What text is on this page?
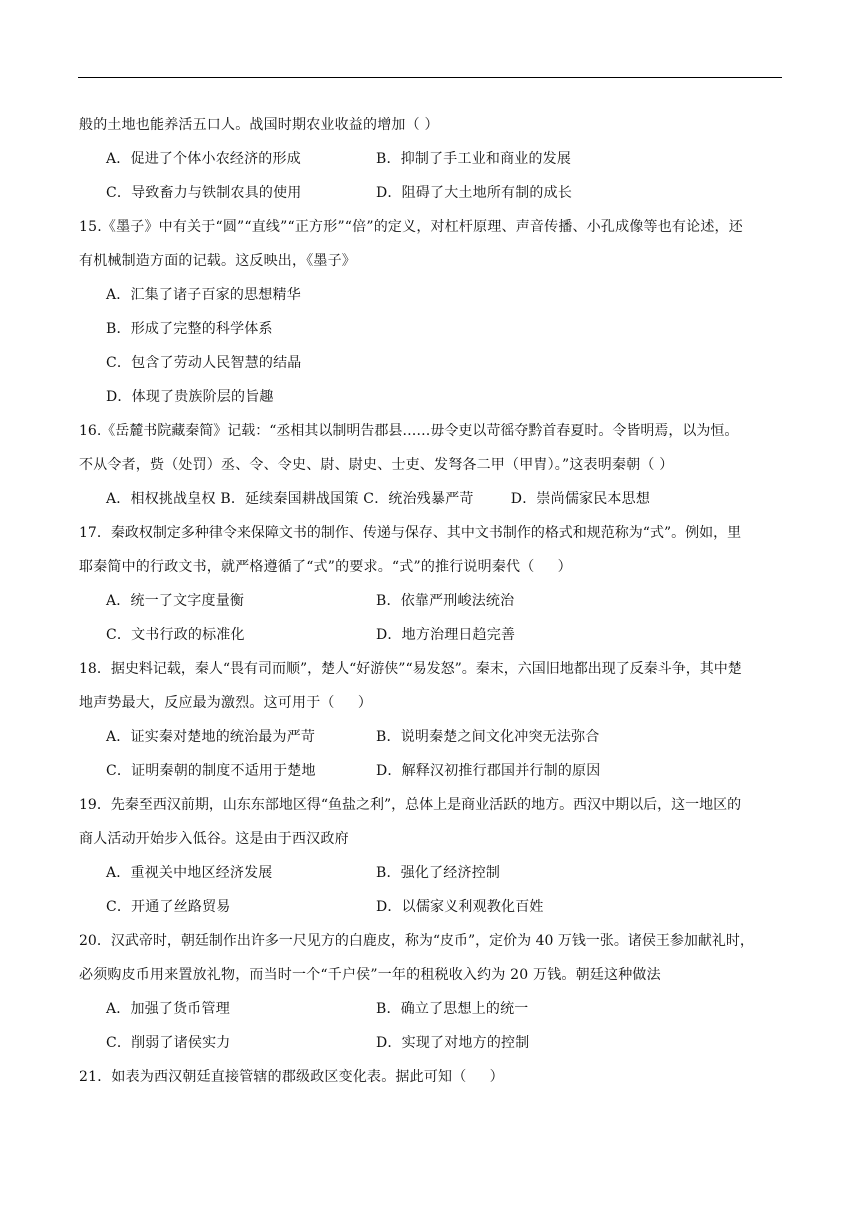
般的土地也能养活五口人。战国时期农业收益的增加（ ）
A．促进了个体小农经济的形成	B．抑制了手工业和商业的发展
C．导致畜力与铁制农具的使用	D．阻碍了大土地所有制的成长
15.《墨子》中有关于“圆”“直线”“正方形”“倍”的定义，对杠杆原理、声音传播、小孔成像等也有论述，还
有机械制造方面的记载。这反映出，《墨子》
A．汇集了诸子百家的思想精华
B．形成了完整的科学体系
C．包含了劳动人民智慧的结晶
D．体现了贵族阶层的旨趣
16.《岳麓书院藏秦简》记载：“丞相其以制明告郡县……毋令吏以苛徭夺黔首春夏时。令皆明焉，以为恒。
不从令者，赀（处罚）丞、令、令史、尉、尉史、士吏、发弩各二甲（甲胄）。”这表明秦朝（ ）
A．相权挑战皇权 B．延续秦国耕战国策 C．统治残暴严苛        D．崇尚儒家民本思想
17．秦政权制定多种律令来保障文书的制作、传递与保存、其中文书制作的格式和规范称为“式”。例如，里
耶秦简中的行政文书，就严格遵循了“式”的要求。“式”的推行说明秦代（     ）
A．统一了文字度量衡	B．依靠严刑峻法统治
C．文书行政的标准化	D．地方治理日趋完善
18．据史料记载，秦人“畏有司而顺”，楚人“好游侠”“易发怒”。秦末，六国旧地都出现了反秦斗争，其中楚
地声势最大，反应最为激烈。这可用于（     ）
A．证实秦对楚地的统治最为严苛	B．说明秦楚之间文化冲突无法弥合
C．证明秦朝的制度不适用于楚地	D．解释汉初推行郡国并行制的原因
19．先秦至西汉前期，山东东部地区得“鱼盐之利”，总体上是商业活跃的地方。西汉中期以后，这一地区的
商人活动开始步入低谷。这是由于西汉政府
A．重视关中地区经济发展	B．强化了经济控制
C．开通了丝路贸易	D．以儒家义利观教化百姓
20．汉武帝时，朝廷制作出许多一尺见方的白鹿皮，称为“皮币”，定价为 40 万钱一张。诸侯王参加献礼时，
必须购皮币用来置放礼物，而当时一个“千户侯”一年的租税收入约为 20 万钱。朝廷这种做法
A．加强了货币管理	B．确立了思想上的统一
C．削弱了诸侯实力	D．实现了对地方的控制
21．如表为西汉朝廷直接管辖的郡级政区变化表。据此可知（     ）
